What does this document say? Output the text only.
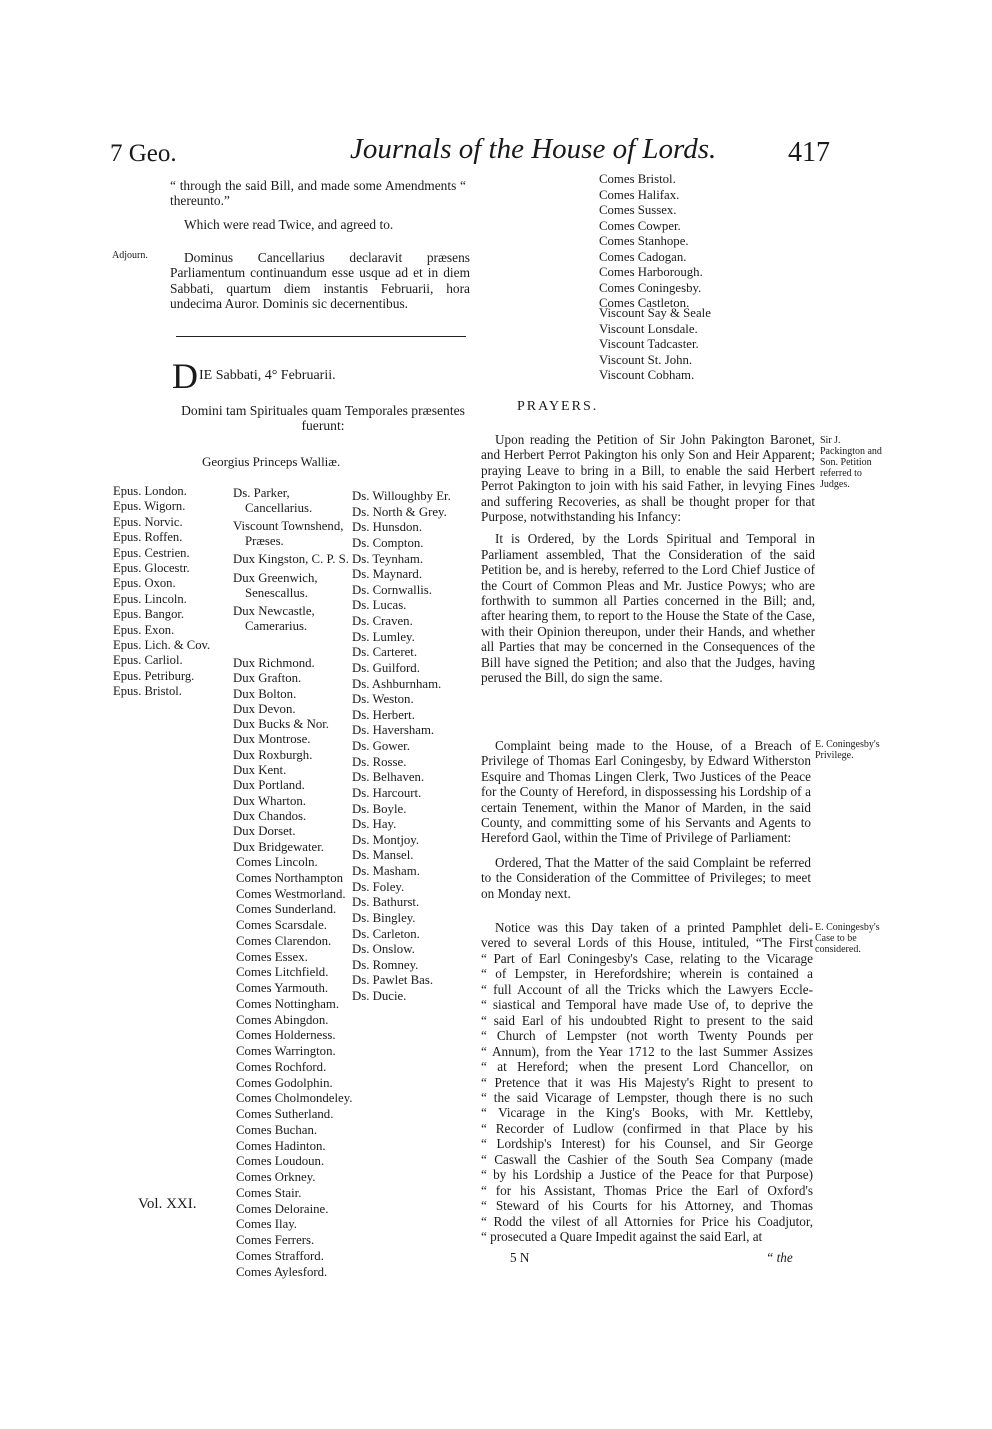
7 Geo.	Journals of the House of Lords.	417

“ through the said Bill, and made some Amendments “ thereunto.”

Which were read Twice, and agreed to.

Adjourn.	Dominus Cancellarius declaravit præsens Parliamentum continuandum esse usque ad et in diem Sabbati, quartum diem instantis Februarii, hora undecima Auror. Dominis sic decernentibus.

D IE Sabbati, 4° Februarii.
Domini tam Spirituales quam Temporales præsentes fuerunt:
Georgius Princeps Walliæ.
Epus. London.
Epus. Wigorn.
Epus. Norvic.
Epus. Roffen.
Epus. Cestrien.
Epus. Glocestr.
Epus. Oxon.
Epus. Lincoln.
Epus. Bangor.
Epus. Exon.
Epus. Lich. & Cov.
Epus. Carliol.
Epus. Petriburg.
Epus. Bristol.
Ds. Parker, Cancellarius.
Viscount Townshend, Præses.
Dux Kingston, C. P. S.
Dux Greenwich, Senescallus.
Dux Newcastle, Camerarius.
Dux Richmond.
Dux Grafton.
Dux Bolton.
Dux Devon.
Dux Bucks & Nor.
Dux Montrose.
Dux Roxburgh.
Dux Kent.
Dux Portland.
Dux Wharton.
Dux Chandos.
Dux Dorset.
Dux Bridgewater.
Comes Lincoln.
Comes Northampton
Comes Westmorland.
Comes Sunderland.
Comes Scarsdale.
Comes Clarendon.
Comes Essex.
Comes Litchfield.
Comes Yarmouth.
Comes Nottingham.
Comes Abingdon.
Comes Holderness.
Comes Warrington.
Comes Rochford.
Comes Godolphin.
Comes Cholmondeley.
Comes Sutherland.
Comes Buchan.
Comes Hadinton.
Comes Loudoun.
Comes Orkney.
Comes Stair.
Comes Deloraine.
Comes Ilay.
Comes Ferrers.
Comes Strafford.
Comes Aylesford.
Ds. Willoughby Er.
Ds. North & Grey.
Ds. Hunsdon.
Ds. Compton.
Ds. Teynham.
Ds. Maynard.
Ds. Cornwallis.
Ds. Lucas.
Ds. Craven.
Ds. Lumley.
Ds. Carteret.
Ds. Guilford.
Ds. Ashburnham.
Ds. Weston.
Ds. Herbert.
Ds. Haversham.
Ds. Gower.
Ds. Rosse.
Ds. Belhaven.
Ds. Harcourt.
Ds. Boyle.
Ds. Hay.
Ds. Montjoy.
Ds. Mansel.
Ds. Masham.
Ds. Foley.
Ds. Bathurst.
Ds. Bingley.
Ds. Carleton.
Ds. Onslow.
Ds. Romney.
Ds. Pawlet Bas.
Ds. Ducie.
Vol. XXI.
Comes Bristol.
Comes Halifax.
Comes Sussex.
Comes Cowper.
Comes Stanhope.
Comes Cadogan.
Comes Harborough.
Comes Coningesby.
Comes Castleton.
Viscount Say & Seale
Viscount Lonsdale.
Viscount Tadcaster.
Viscount St. John.
Viscount Cobham.
PRAYERS.
Sir J. Packington and Son. Petition referred to Judges.

Upon reading the Petition of Sir John Pakington Baronet, and Herbert Perrot Pakington his only Son and Heir Apparent; praying Leave to bring in a Bill, to enable the said Herbert Perrot Pakington to join with his said Father, in levying Fines and suffering Recoveries, as shall be thought proper for that Purpose, notwithstanding his Infancy:

It is Ordered, by the Lords Spiritual and Temporal in Parliament assembled, That the Consideration of the said Petition be, and is hereby, referred to the Lord Chief Justice of the Court of Common Pleas and Mr. Justice Powys; who are forthwith to summon all Parties concerned in the Bill; and, after hearing them, to report to the House the State of the Case, with their Opinion thereupon, under their Hands, and whether all Parties that may be concerned in the Consequences of the Bill have signed the Petition; and also that the Judges, having perused the Bill, do sign the same.

E. Coningesby's Privilege.

Complaint being made to the House, of a Breach of Privilege of Thomas Earl Coningesby, by Edward Witherston Esquire and Thomas Lingen Clerk, Two Justices of the Peace for the County of Hereford, in dispossessing his Lordship of a certain Tenement, within the Manor of Marden, in the said County, and committing some of his Servants and Agents to Hereford Gaol, within the Time of Privilege of Parliament:

Ordered, That the Matter of the said Complaint be referred to the Consideration of the Committee of Privileges; to meet on Monday next.

E. Coningesby's Case to be considered.
Notice was this Day taken of a printed Pamphlet deli-
vered to several Lords of this House, intituled, “The First
“ Part of Earl Coningesby's Case, relating to the Vicarage
“ of Lempster, in Herefordshire; wherein is contained a
“ full Account of all the Tricks which the Lawyers Eccle-
“ siastical and Temporal have made Use of, to deprive the
“ said Earl of his undoubted Right to present to the said
“ Church of Lempster (not worth Twenty Pounds per
“ Annum), from the Year 1712 to the last Summer Assizes
“ at Hereford; when the present Lord Chancellor, on
“ Pretence that it was His Majesty's Right to present to
“ the said Vicarage of Lempster, though there is no such
“ Vicarage in the King's Books, with Mr. Kettleby,
“ Recorder of Ludlow (confirmed in that Place by his
“ Lordship's Interest) for his Counsel, and Sir George
“ Caswall the Cashier of the South Sea Company (made
“ by his Lordship a Justice of the Peace for that Purpose)
“ for his Assistant, Thomas Price the Earl of Oxford's
“ Steward of his Courts for his Attorney, and Thomas
“ Rodd the vilest of all Attornies for Price his Coadjutor,
“ prosecuted a Quare Impedit against the said Earl, at
5 N	“ the
